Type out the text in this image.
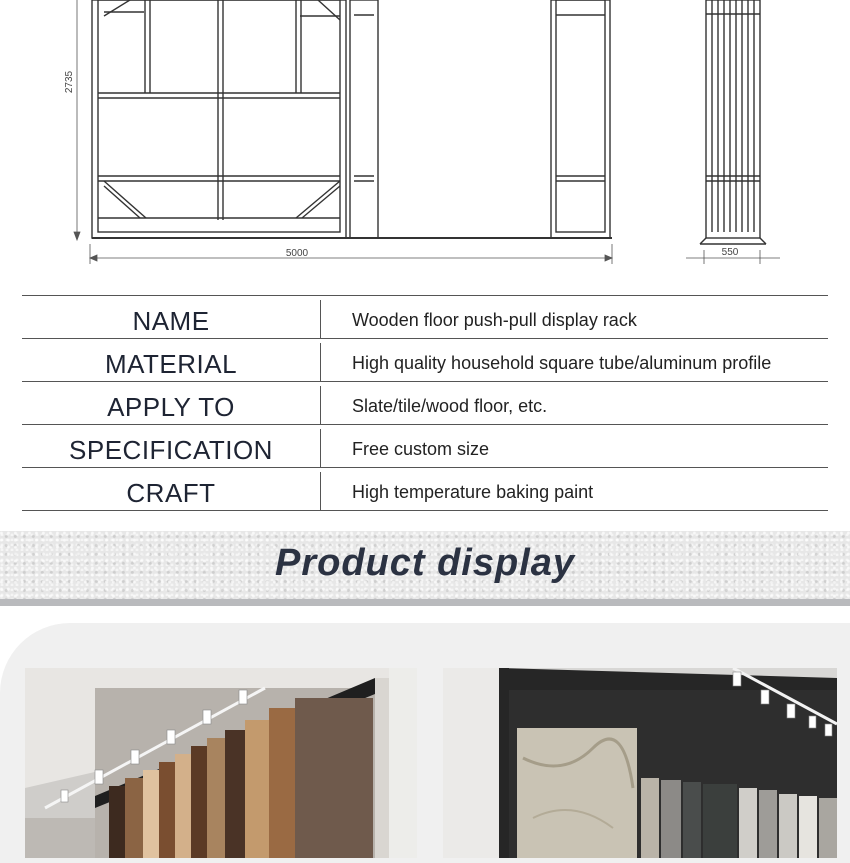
2735
5000	550
NAME	Wooden floor push-pull display rack
MATERIAL	High quality household square tube/aluminum profile
APPLY TO	Slate/tile/wood floor, etc.
SPECIFICATION	Free custom size
CRAFT	High temperature baking paint
Product display
